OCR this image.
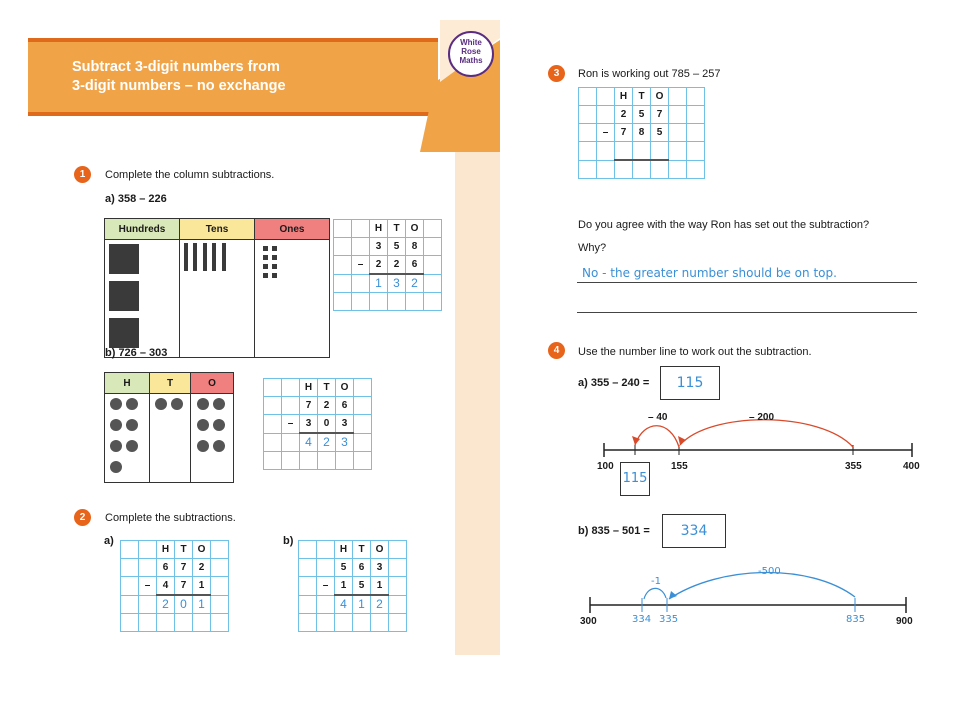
Subtract 3-digit numbers from
3-digit numbers – no exchange
White
Rose
Maths
1	Complete the column subtractions.
a) 358 – 226
Hundreds	Tens	Ones

			H	T	O	
		3	5	8	
	–	2	2	6	
		1	3	2	

b) 726 – 303
H	T	O

			H	T	O	
		7	2	6	
	–	3	0	3	
		4	2	3	

2	Complete the subtractions.
a)
		H	T	O	
		6	7	2	
	–	4	7	1	
		2	0	1	

b)
		H	T	O	
		5	6	3	
	–	1	5	1	
		4	1	2	

3	Ron is working out 785 – 257
		H	T	O		
		2	5	7		
	–	7	8	5		

Do you agree with the way Ron has set out the subtraction?
Why?
No - the greater number should be on top.
4	Use the number line to work out the subtraction.
a) 355 – 240 =	115
– 40	– 200
100	155	355	400
115
b) 835 – 501 =	334
-500
-1
300	900
334 335	835
